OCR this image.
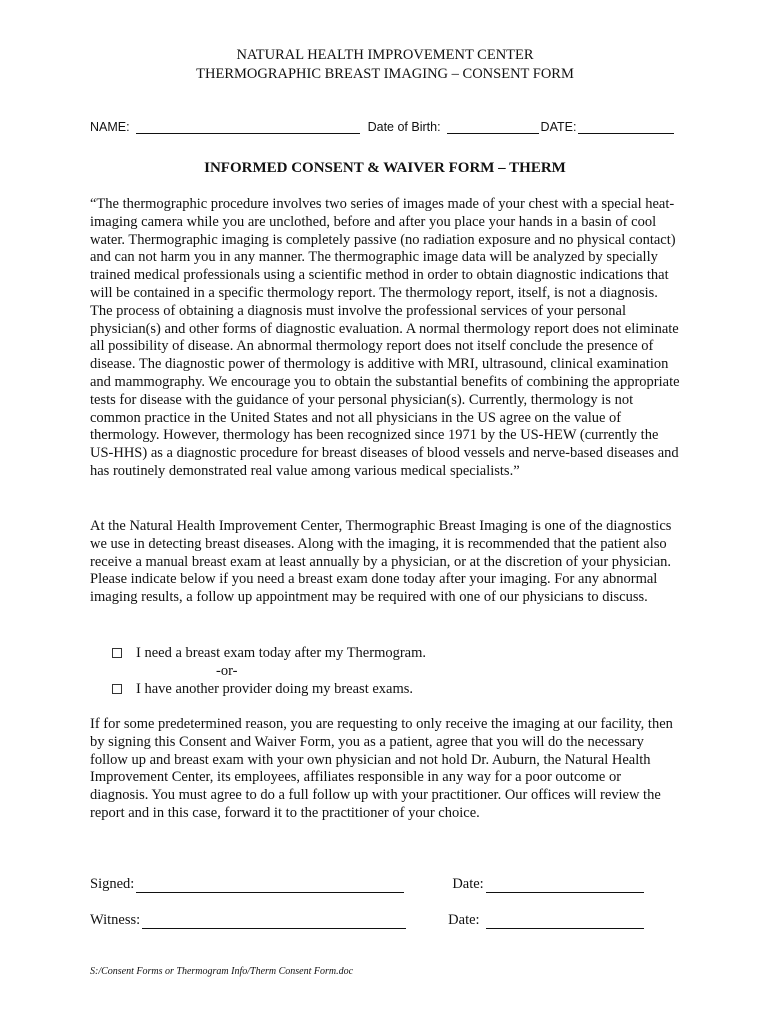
NATURAL HEALTH IMPROVEMENT CENTER
THERMOGRAPHIC BREAST IMAGING – CONSENT FORM
NAME:	Date of Birth:	DATE:
INFORMED CONSENT & WAIVER FORM – THERM

“The thermographic procedure involves two series of images made of your chest with a special heat-imaging camera while you are unclothed, before and after you place your hands in a basin of cool water. Thermographic imaging is completely passive (no radiation exposure and no physical contact) and can not harm you in any manner. The thermographic image data will be analyzed by specially trained medical professionals using a scientific method in order to obtain diagnostic indications that will be contained in a specific thermology report. The thermology report, itself, is not a diagnosis. The process of obtaining a diagnosis must involve the professional services of your personal physician(s) and other forms of diagnostic evaluation. A normal thermology report does not eliminate all possibility of disease. An abnormal thermology report does not itself conclude the presence of disease. The diagnostic power of thermology is additive with MRI, ultrasound, clinical examination and mammography. We encourage you to obtain the substantial benefits of combining the appropriate tests for disease with the guidance of your personal physician(s). Currently, thermology is not common practice in the United States and not all physicians in the US agree on the value of thermology. However, thermology has been recognized since 1971 by the US-HEW (currently the US-HHS) as a diagnostic procedure for breast diseases of blood vessels and nerve-based diseases and has routinely demonstrated real value among various medical specialists.”

At the Natural Health Improvement Center, Thermographic Breast Imaging is one of the diagnostics we use in detecting breast diseases. Along with the imaging, it is recommended that the patient also receive a manual breast exam at least annually by a physician, or at the discretion of your physician. Please indicate below if you need a breast exam done today after your imaging. For any abnormal imaging results, a follow up appointment may be required with one of our physicians to discuss.

I need a breast exam today after my Thermogram.
-or-
I have another provider doing my breast exams.

If for some predetermined reason, you are requesting to only receive the imaging at our facility, then by signing this Consent and Waiver Form, you as a patient, agree that you will do the necessary follow up and breast exam with your own physician and not hold Dr. Auburn, the Natural Health Improvement Center, its employees, affiliates responsible in any way for a poor outcome or diagnosis. You must agree to do a full follow up with your practitioner. Our offices will review the report and in this case, forward it to the practitioner of your choice.

Signed:	Date:
Witness:	Date:
S:/Consent Forms or Thermogram Info/Therm Consent Form.doc
